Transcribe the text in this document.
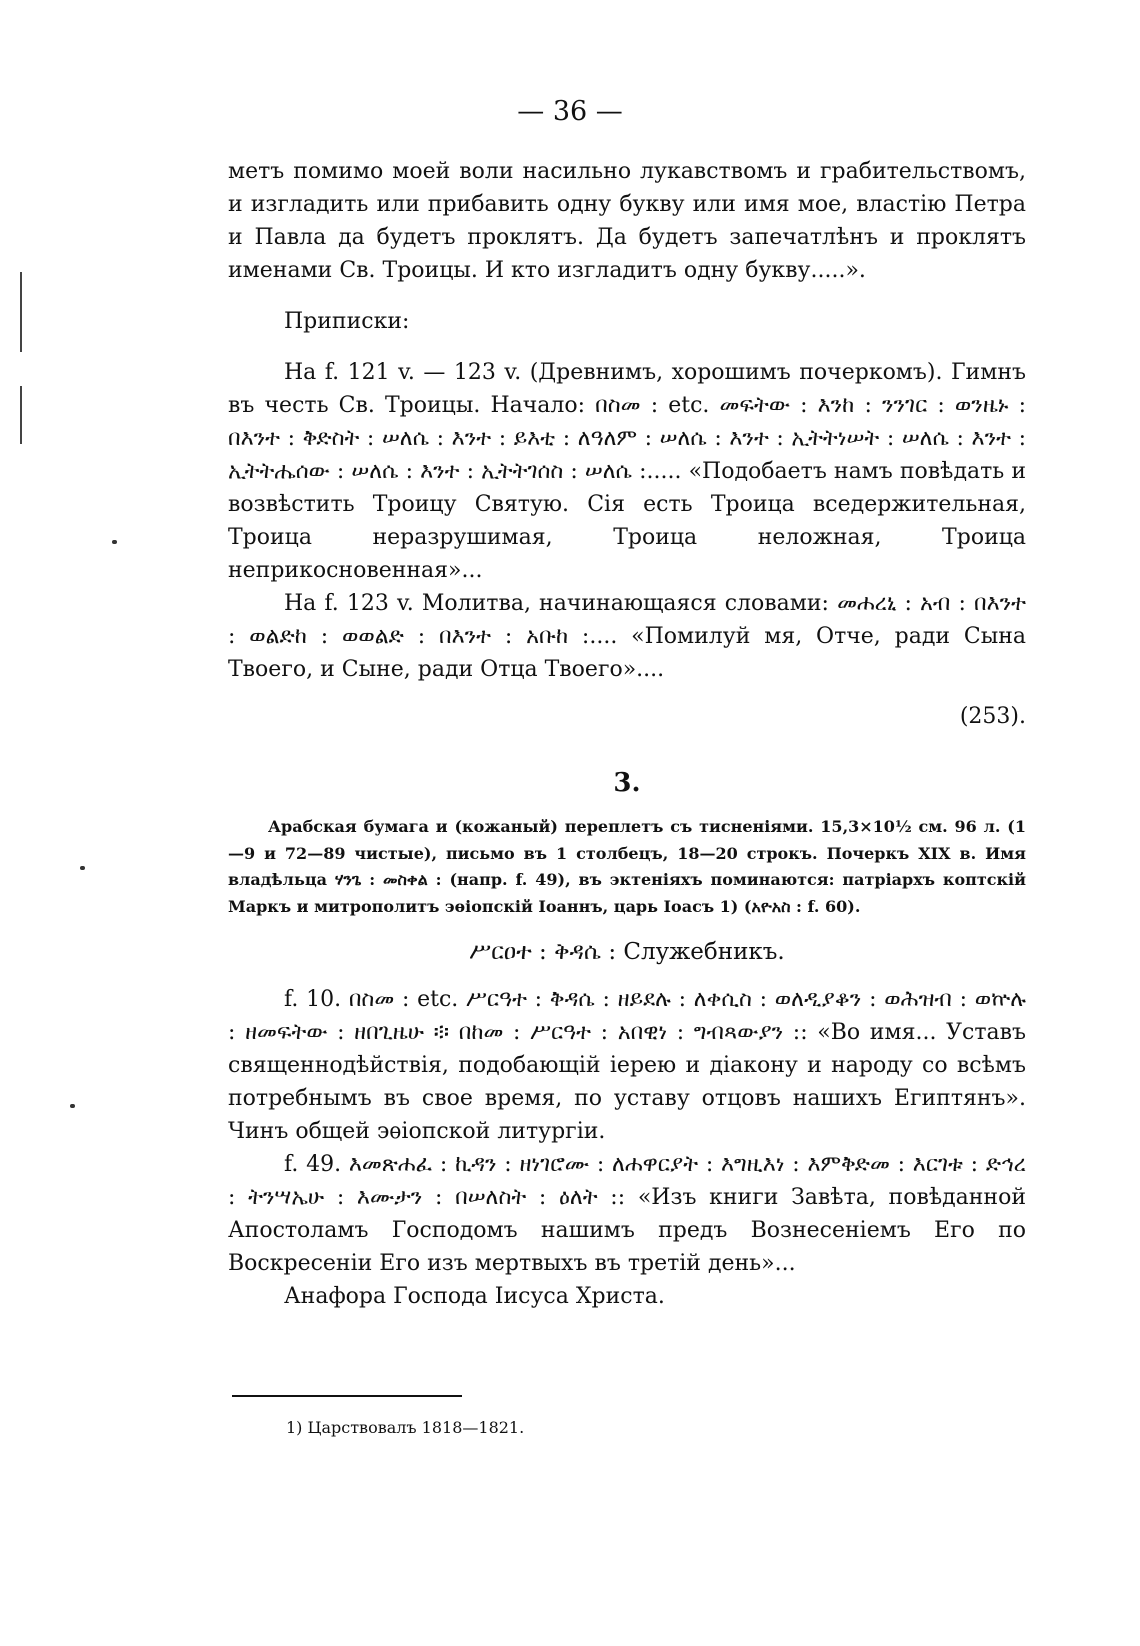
— 36 —

метъ помимо моей воли насильно лукавствомъ и грабительствомъ, и изгладить или прибавить одну букву или имя мое, властію Петра и Павла да будетъ проклятъ. Да будетъ запечатлѣнъ и проклятъ именами Св. Троицы. И кто изгладитъ одну букву.....».

Приписки:

На f. 121 v. — 123 v. (Древнимъ, хорошимъ почеркомъ). Гимнъ въ честь Св. Троицы. Начало: በስመ : etc. መፍትው : እንከ : ንንገር : ወንዜኑ : በእንተ : ቅድስት : ሠለሴ : እንተ : ይእቲ : ለዓለም : ሠለሴ : እንተ : ኢትትነሠት : ሠለሴ : እንተ : ኢትትሔሰው : ሠለሴ : እንተ : ኢትትገሰስ : ሠለሴ :..... «Подобаетъ намъ повѣдать и возвѣстить Троицу Святую. Сія есть Троица вседержительная, Троица неразрушимая, Троица неложная, Троица неприкосновенная»...

На f. 123 v. Молитва, начинающаяся словами: መሐረኒ : አብ : በእንተ : ወልድከ : ወወልድ : በእንተ : አቡከ :.... «Помилуй мя, Отче, ради Сына Твоего, и Сыне, ради Отца Твоего»....

(253).

3.

Арабская бумага и (кожаный) переплетъ съ тисненіями. 15,3×10½ см. 96 л. (1—9 и 72—89 чистые), письмо въ 1 столбецъ, 18—20 строкъ. Почеркъ XIX в. Имя владѣльца ሃንጌ : መስቀል : (напр. f. 49), въ эктеніяхъ поминаются: патріархъ коптскій Маркъ и митрополитъ эѳіопскій Іоаннъ, царь Іоасъ 1) (አዮአስ : f. 60).

ሥርዐተ : ቅዳሴ : Служебникъ.

f. 10. በስመ : etc. ሥርዓተ : ቅዳሴ : ዘይደሉ : ለቀሲስ : ወለዲያቆን : ወሕዝብ : ወኵሉ : ዘመፍትው : ዘበጊዜሁ ፨ በከመ : ሥርዓተ : አበዊነ : ግብጻውያን :: «Во имя... Уставъ священнодѣйствія, подобающій іерею и діакону и народу со всѣмъ потребнымъ въ свое время, по уставу отцовъ нашихъ Египтянъ». Чинъ общей эѳіопской литургіи.

f. 49. እመጽሐፈ : ኪዳን : ዘነገሮሙ : ለሐዋርያት : እግዚእነ : እምቅድመ : እርገቱ : ድኅረ : ትንሣኤሁ : እሙታን : በሠለስት : ዕለት :: «Изъ книги Завѣта, повѣданной Апостоламъ Господомъ нашимъ предъ Вознесеніемъ Его по Воскресеніи Его изъ мертвыхъ въ третій день»...

Анафора Господа Іисуса Христа.

1) Царствовалъ 1818—1821.
